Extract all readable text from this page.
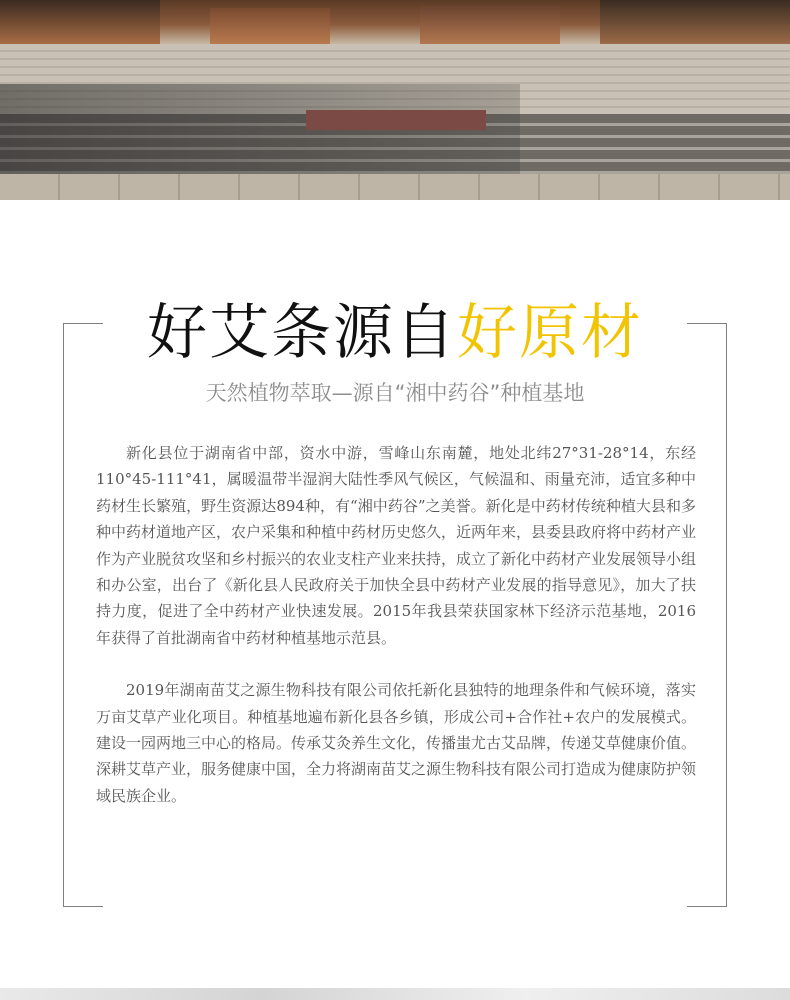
好艾条源自好原材
天然植物萃取—源自“湘中药谷”种植基地

新化县位于湖南省中部，资水中游，雪峰山东南麓，地处北纬27°31-28°14，东经110°45-111°41，属暖温带半湿润大陆性季风气候区，气候温和、雨量充沛，适宜多种中药材生长繁殖，野生资源达894种，有“湘中药谷”之美誉。新化是中药材传统种植大县和多种中药材道地产区，农户采集和种植中药材历史悠久，近两年来，县委县政府将中药材产业作为产业脱贫攻坚和乡村振兴的农业支柱产业来扶持，成立了新化中药材产业发展领导小组和办公室，出台了《新化县人民政府关于加快全县中药材产业发展的指导意见》，加大了扶持力度，促进了全中药材产业快速发展。2015年我县荣获国家林下经济示范基地，2016年获得了首批湖南省中药材种植基地示范县。

2019年湖南苗艾之源生物科技有限公司依托新化县独特的地理条件和气候环境，落实万亩艾草产业化项目。种植基地遍布新化县各乡镇，形成公司+合作社+农户的发展模式。建设一园两地三中心的格局。传承艾灸养生文化，传播蚩尤古艾品牌，传递艾草健康价值。深耕艾草产业，服务健康中国，全力将湖南苗艾之源生物科技有限公司打造成为健康防护领域民族企业。
